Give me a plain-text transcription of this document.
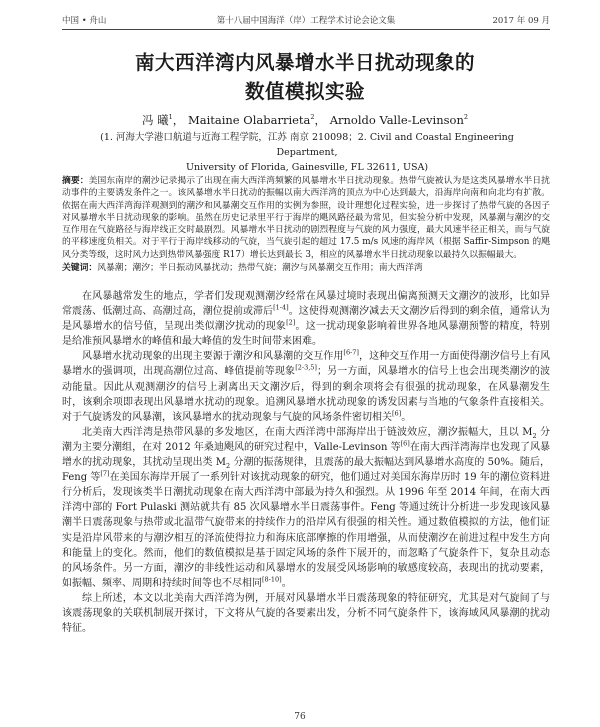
中国 • 舟山	第十八届中国海洋（岸）工程学术讨论会论文集	2017 年 09 月
南大西洋湾内风暴增水半日扰动现象的
数值模拟实验
冯 曦$^1$， Maitaine Olabarrieta$^2$， Arnoldo Valle-Levinson$^2$
(1. 河海大学港口航道与近海工程学院，江苏 南京 210098；2. Civil and Coastal Engineering Department,
University of Florida, Gainesville, FL 32611, USA)
摘要：美国东南岸的潮沙记录揭示了出现在南大西洋湾频繁的风暴增水半日扰动现象。热带气旋被认为是这类风暴增水半日扰动事件的主要诱发条件之一。该风暴增水半日扰动的振幅以南大西洋湾的顶点为中心达到最大，沿海岸向南和向北均有扩散。依据在南大西洋湾海洋观测到的潮汐和风暴潮交互作用的实例为参照，设计理想化过程实验，进一步探讨了热带气旋的各因子对风暴增水半日扰动现象的影响。虽然在历史记录里平行于海岸的飓风路径最为常见，但实验分析中发现，风暴潮与潮汐的交互作用在气旋路径与海岸线正交时最剧烈。风暴增水半日扰动的剧烈程度与气旋的风力强度，最大风速半径正相关，而与气旋的平移速度负相关。对于平行于海岸线移动的气旋，当气旋引起的超过 17.5 m/s 风速的海岸风（根据 Saffir-Simpson 的飓风分类等级，这时风力达到热带风暴强度 R17）增长达到最长 3，相应的风暴增水半日扰动现象以最持久以振幅最大。
关键词：风暴潮；潮汐；半日振动风暴扰动；热带气旋；潮汐与风暴潮交互作用；南大西洋湾

在风暴越常发生的地点，学者们发现观测潮汐经常在风暴过境时表现出偏离预测天文潮汐的波形，比如异常震荡、低潮过高、高潮过高，潮位提前或滞后[1-4]。这使得观测潮汐减去天文潮汐后得到的剩余值，通常认为是风暴增水的信号值，呈现出类似潮汐扰动的现象[2]。这一扰动现象影响着世界各地风暴潮预警的精度，特别是给准预风暴增水的峰值和最大峰值的发生时间带来困难。

风暴增水扰动现象的出现主要源于潮汐和风暴潮的交互作用[6-7]，这种交互作用一方面使得潮汐信号上有风暴增水的强调项，出现高潮位过高、峰值提前等现象[2-3,5]；另一方面，风暴增水的信号上也会出现类潮汐的波动能量。因此从观测潮汐的信号上剥离出天文潮汐后，得到的剩余项将会有很强的扰动现象，在风暴潮发生时，该剩余项即表现出风暴增水扰动的现象。追溯风暴增水扰动现象的诱发因素与当地的气象条件直接相关。对于气旋诱发的风暴潮，该风暴增水的扰动现象与气旋的风场条件密切相关[6]。

北美南大西洋湾是热带风暴的多发地区，在南大西洋湾中部海岸出于链波效应，潮汐振幅大，且以 $M_2$ 分潮为主要分潮组，在对 2012 年桑迪飓风的研究过程中，Valle-Levinson 等[6]在南大西洋湾海岸也发现了风暴增水的扰动现象，其扰动呈现出类 $M_2$ 分潮的振荡规律，且震荡的最大振幅达到风暴增水高度的 50%。随后，Feng 等[7]在美国东海岸开展了一系列针对该扰动现象的研究，他们通过对美国东海岸历时 19 年的潮位资料进行分析后，发现该类半日潮扰动现象在南大西洋湾中部最为持久和强烈。从 1996 年至 2014 年间，在南大西洋湾中部的 Fort Pulaski 测站就共有 85 次风暴增水半日震荡事件。Feng 等通过统计分析进一步发现该风暴潮半日震荡现象与热带或北温带气旋带来的持续作力的沿岸风有很强的相关性。通过数值模拟的方法，他们证实是沿岸风带来的与潮汐相互的泽流使得拉力和海床底部摩擦的作用增强，从而使潮汐在前进过程中发生方向和能量上的变化。然而，他们的数值模拟是基于固定风场的条件下展开的，而忽略了气旋条件下，复杂且动态的风场条件。另一方面，潮汐的非线性运动和风暴增水的发展受风场影响的敏感度较高，表现出的扰动要素，如振幅、频率、周期和持续时间等也不尽相同[8-10]。

综上所述，本文以北美南大西洋湾为例，开展对风暴增水半日震荡现象的特征研究，尤其是对气旋间了与该震荡现象的关联机制展开探讨，下文将从气旋的各要素出发，分析不同气旋条件下，该海域风风暴潮的扰动特征。

76
